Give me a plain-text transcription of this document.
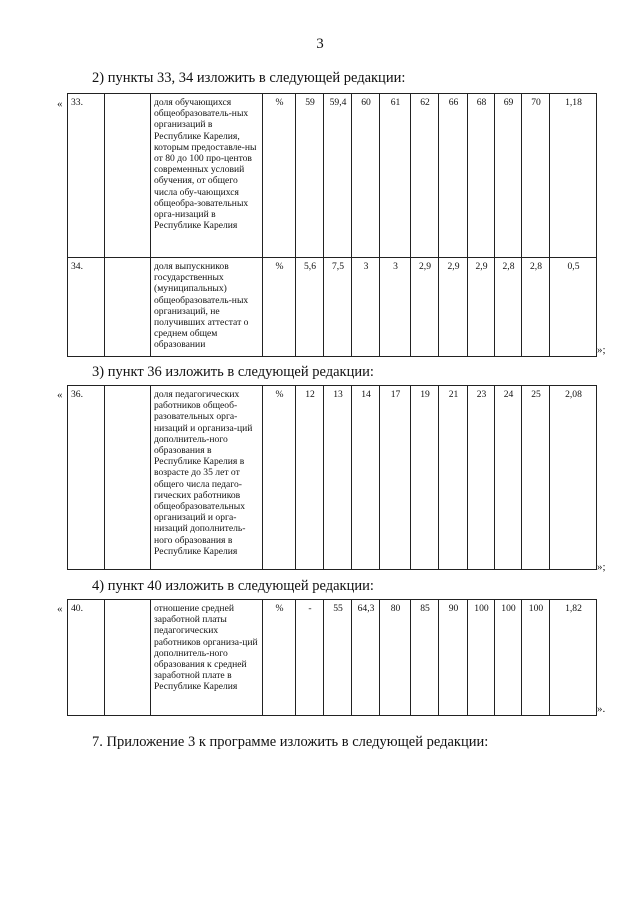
3
2) пункты 33, 34 изложить в следующей редакции:
« 33.		доля обучающихся общеобразователь-ных организаций в Республике Карелия, которым предоставле-ны от 80 до 100 про-центов современных условий обучения, от общего числа обу-чающихся общеобра-зовательных орга-низаций в Республике Карелия	%	59	59,4	60	61	62	66	68	69	70	1,18
34.		доля выпускников государственных (муниципальных) общеобразователь-ных организаций, не получивших аттестат о среднем общем образовании	%	5,6	7,5	3	3	2,9	2,9	2,9	2,8	2,8	0,5
»;
3) пункт 36 изложить в следующей редакции:
« 36.		доля педагогических работников общеоб-разовательных орга-низаций и организа-ций дополнитель-ного образования в Республике Карелия в возрасте до 35 лет от общего числа педаго-гических работников общеобразовательных организаций и орга-низаций дополнитель-ного образования в Республике Карелия	%	12	13	14	17	19	21	23	24	25	2,08
»;
4) пункт 40 изложить в следующей редакции:
« 40.		отношение средней заработной платы педагогических работников организа-ций дополнитель-ного образования к средней заработной плате в Республике Карелия	%	-	55	64,3	80	85	90	100	100	100	1,82
».
7. Приложение 3 к программе изложить в следующей редакции:
